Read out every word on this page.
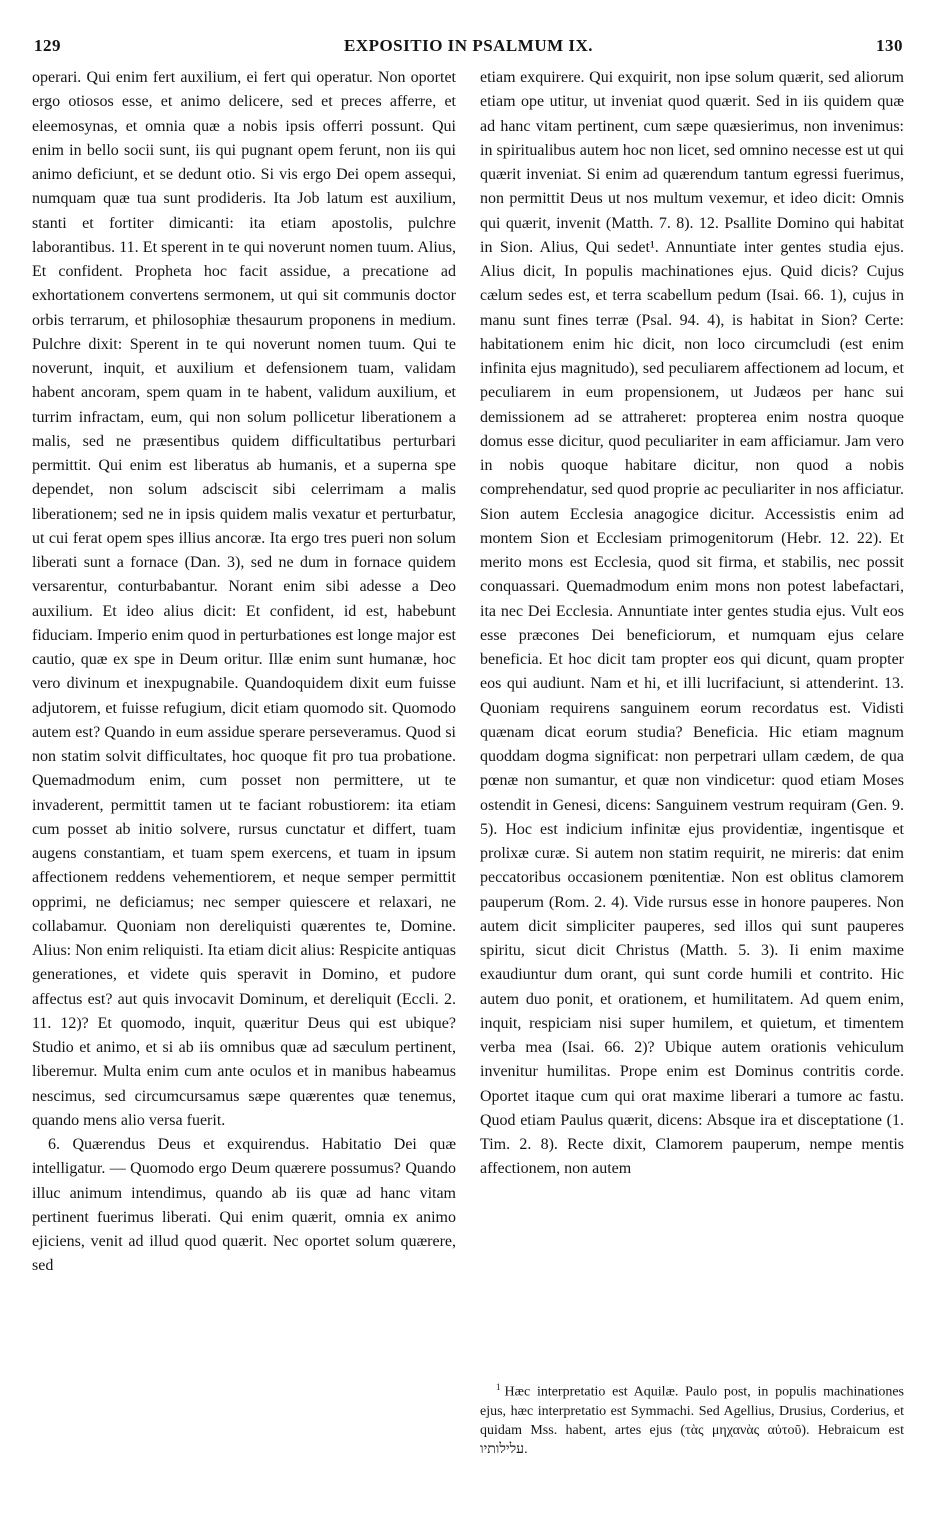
129	EXPOSITIO IN PSALMUM IX.	130

operari. Qui enim fert auxilium, ei fert qui operatur. Non oportet ergo otiosos esse, et animo delicere, sed et preces afferre, et eleemosynas, et omnia quæ a nobis ipsis offerri possunt. Qui enim in bello socii sunt, iis qui pugnant opem ferunt, non iis qui animo deficiunt, et se dedunt otio. Si vis ergo Dei opem assequi, numquam quæ tua sunt prodideris. Ita Job latum est auxilium, stanti et fortiter dimicanti: ita etiam apostolis, pulchre laborantibus. 11. Et sperent in te qui noverunt nomen tuum. Alius, Et confident. Propheta hoc facit assidue, a precatione ad exhortationem convertens sermonem, ut qui sit communis doctor orbis terrarum, et philosophiæ thesaurum proponens in medium. Pulchre dixit: Sperent in te qui noverunt nomen tuum. Qui te noverunt, inquit, et auxilium et defensionem tuam, validam habent ancoram, spem quam in te habent, validum auxilium, et turrim infractam, eum, qui non solum pollicetur liberationem a malis, sed ne præsentibus quidem difficultatibus perturbari permittit. Qui enim est liberatus ab humanis, et a superna spe dependet, non solum adsciscit sibi celerrimam a malis liberationem; sed ne in ipsis quidem malis vexatur et perturbatur, ut cui ferat opem spes illius ancoræ. Ita ergo tres pueri non solum liberati sunt a fornace (Dan. 3), sed ne dum in fornace quidem versarentur, conturbabantur. Norant enim sibi adesse a Deo auxilium. Et ideo alius dicit: Et confident, id est, habebunt fiduciam. Imperio enim quod in perturbationes est longe major est cautio, quæ ex spe in Deum oritur. Illæ enim sunt humanæ, hoc vero divinum et inexpugnabile. Quandoquidem dixit eum fuisse adjutorem, et fuisse refugium, dicit etiam quomodo sit. Quomodo autem est? Quando in eum assidue sperare perseveramus. Quod si non statim solvit difficultates, hoc quoque fit pro tua probatione. Quemadmodum enim, cum posset non permittere, ut te invaderent, permittit tamen ut te faciant robustiorem: ita etiam cum posset ab initio solvere, rursus cunctatur et differt, tuam augens constantiam, et tuam spem exercens, et tuam in ipsum affectionem reddens vehementiorem, et neque semper permittit opprimi, ne deficiamus; nec semper quiescere et relaxari, ne collabamur. Quoniam non dereliquisti quærentes te, Domine. Alius: Non enim reliquisti. Ita etiam dicit alius: Respicite antiquas generationes, et videte quis speravit in Domino, et pudore affectus est? aut quis invocavit Dominum, et dereliquit (Eccli. 2. 11. 12)? Et quomodo, inquit, quæritur Deus qui est ubique? Studio et animo, et si ab iis omnibus quæ ad sæculum pertinent, liberemur. Multa enim cum ante oculos et in manibus habeamus nescimus, sed circumcursamus sæpe quærentes quæ tenemus, quando mens alio versa fuerit.

6. Quærendus Deus et exquirendus. Habitatio Dei quæ intelligatur. — Quomodo ergo Deum quærere possumus? Quando illuc animum intendimus, quando ab iis quæ ad hanc vitam pertinent fuerimus liberati. Qui enim quærit, omnia ex animo ejiciens, venit ad illud quod quærit. Nec oportet solum quærere, sed

etiam exquirere. Qui exquirit, non ipse solum quærit, sed aliorum etiam ope utitur, ut inveniat quod quærit. Sed in iis quidem quæ ad hanc vitam pertinent, cum sæpe quæsierimus, non invenimus: in spiritualibus autem hoc non licet, sed omnino necesse est ut qui quærit inveniat. Si enim ad quærendum tantum egressi fuerimus, non permittit Deus ut nos multum vexemur, et ideo dicit: Omnis qui quærit, invenit (Matth. 7. 8). 12. Psallite Domino qui habitat in Sion. Alius, Qui sedet¹. Annuntiate inter gentes studia ejus. Alius dicit, In populis machinationes ejus. Quid dicis? Cujus cælum sedes est, et terra scabellum pedum (Isai. 66. 1), cujus in manu sunt fines terræ (Psal. 94. 4), is habitat in Sion? Certe: habitationem enim hic dicit, non loco circumcludi (est enim infinita ejus magnitudo), sed peculiarem affectionem ad locum, et peculiarem in eum propensionem, ut Judæos per hanc sui demissionem ad se attraheret: propterea enim nostra quoque domus esse dicitur, quod peculiariter in eam afficiamur. Jam vero in nobis quoque habitare dicitur, non quod a nobis comprehendatur, sed quod proprie ac peculiariter in nos afficiatur. Sion autem Ecclesia anagogice dicitur. Accessistis enim ad montem Sion et Ecclesiam primogenitorum (Hebr. 12. 22). Et merito mons est Ecclesia, quod sit firma, et stabilis, nec possit conquassari. Quemadmodum enim mons non potest labefactari, ita nec Dei Ecclesia. Annuntiate inter gentes studia ejus. Vult eos esse præcones Dei beneficiorum, et numquam ejus celare beneficia. Et hoc dicit tam propter eos qui dicunt, quam propter eos qui audiunt. Nam et hi, et illi lucrifaciunt, si attenderint. 13. Quoniam requirens sanguinem eorum recordatus est. Vidisti quænam dicat eorum studia? Beneficia. Hic etiam magnum quoddam dogma significat: non perpetrari ullam cædem, de qua pœnæ non sumantur, et quæ non vindicetur: quod etiam Moses ostendit in Genesi, dicens: Sanguinem vestrum requiram (Gen. 9. 5). Hoc est indicium infinitæ ejus providentiæ, ingentisque et prolixæ curæ. Si autem non statim requirit, ne mireris: dat enim peccatoribus occasionem pœnitentiæ. Non est oblitus clamorem pauperum (Rom. 2. 4). Vide rursus esse in honore pauperes. Non autem dicit simpliciter pauperes, sed illos qui sunt pauperes spiritu, sicut dicit Christus (Matth. 5. 3). Ii enim maxime exaudiuntur dum orant, qui sunt corde humili et contrito. Hic autem duo ponit, et orationem, et humilitatem. Ad quem enim, inquit, respiciam nisi super humilem, et quietum, et timentem verba mea (Isai. 66. 2)? Ubique autem orationis vehiculum invenitur humilitas. Prope enim est Dominus contritis corde. Oportet itaque cum qui orat maxime liberari a tumore ac fastu. Quod etiam Paulus quærit, dicens: Absque ira et disceptatione (1. Tim. 2. 8). Recte dixit, Clamorem pauperum, nempe mentis affectionem, non autem

$^1$ Hæc interpretatio est Aquilæ. Paulo post, in populis machinationes ejus, hæc interpretatio est Symmachi. Sed Agellius, Drusius, Corderius, et quidam Mss. habent, artes ejus (τὰς μηχανὰς αὐτοῦ). Hebraicum est עלילותיו.
